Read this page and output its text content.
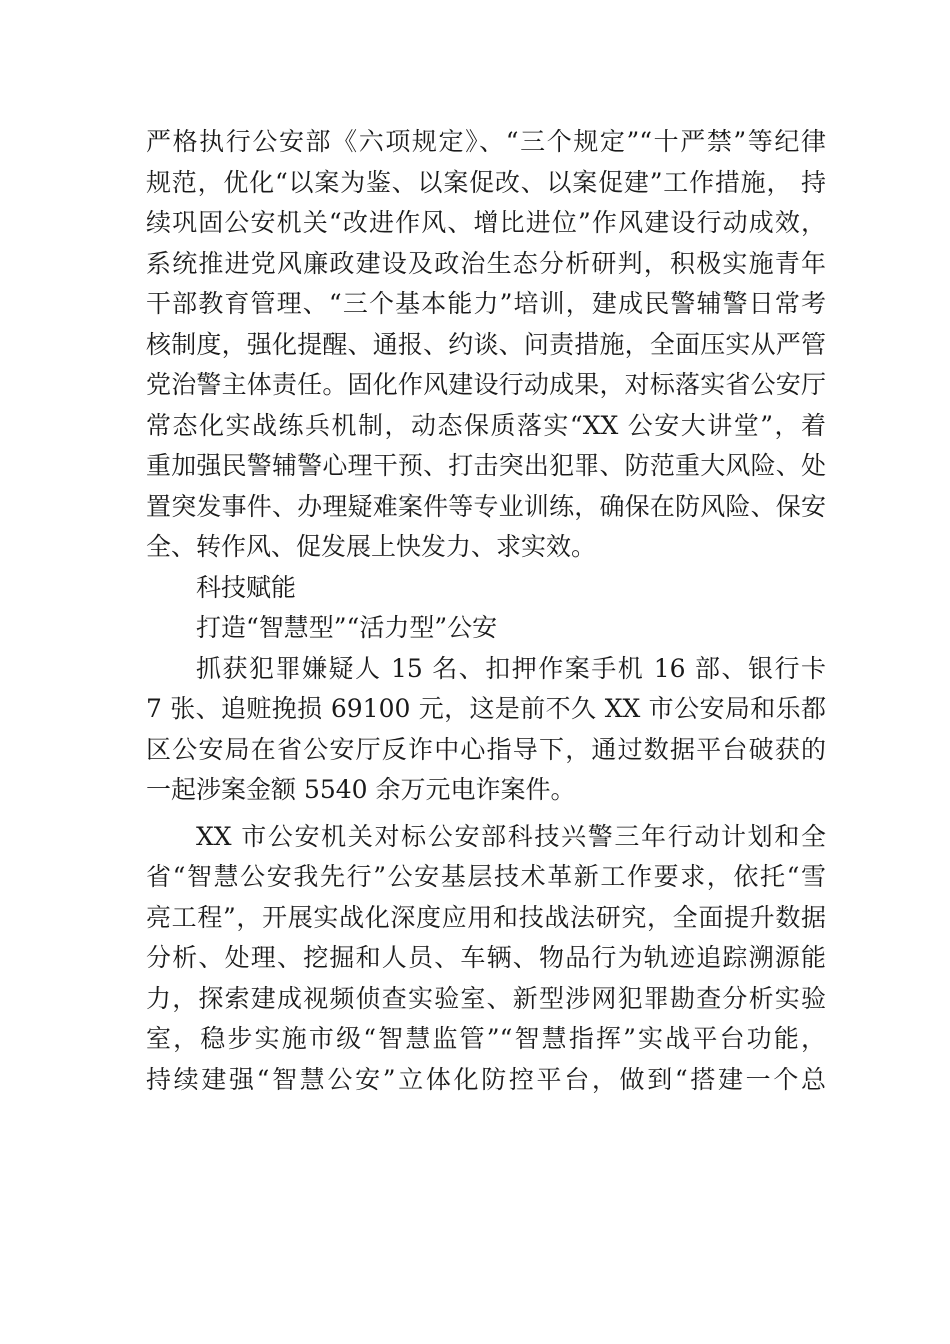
严格执行公安部《六项规定》、“三个规定”“十严禁”等纪律
规范，优化“以案为鉴、以案促改、以案促建”工作措施， 持
续巩固公安机关“改进作风、增比进位”作风建设行动成效，
系统推进党风廉政建设及政治生态分析研判，积极实施青年
干部教育管理、“三个基本能力”培训，建成民警辅警日常考
核制度，强化提醒、通报、约谈、问责措施，全面压实从严管
党治警主体责任。固化作风建设行动成果，对标落实省公安厅
常态化实战练兵机制，动态保质落实“XX 公安大讲堂”，着
重加强民警辅警心理干预、打击突出犯罪、防范重大风险、处
置突发事件、办理疑难案件等专业训练，确保在防风险、保安
全、转作风、促发展上快发力、求实效。
科技赋能
打造“智慧型”“活力型”公安
抓获犯罪嫌疑人 15 名、扣押作案手机 16 部、银行卡
7 张、追赃挽损 69100 元，这是前不久 XX 市公安局和乐都
区公安局在省公安厅反诈中心指导下，通过数据平台破获的
一起涉案金额 5540 余万元电诈案件。
XX 市公安机关对标公安部科技兴警三年行动计划和全
省“智慧公安我先行”公安基层技术革新工作要求，依托“雪
亮工程”，开展实战化深度应用和技战法研究，全面提升数据
分析、处理、挖掘和人员、车辆、物品行为轨迹追踪溯源能
力，探索建成视频侦查实验室、新型涉网犯罪勘查分析实验
室，稳步实施市级“智慧监管”“智慧指挥”实战平台功能，
持续建强“智慧公安”立体化防控平台，做到“搭建一个总
